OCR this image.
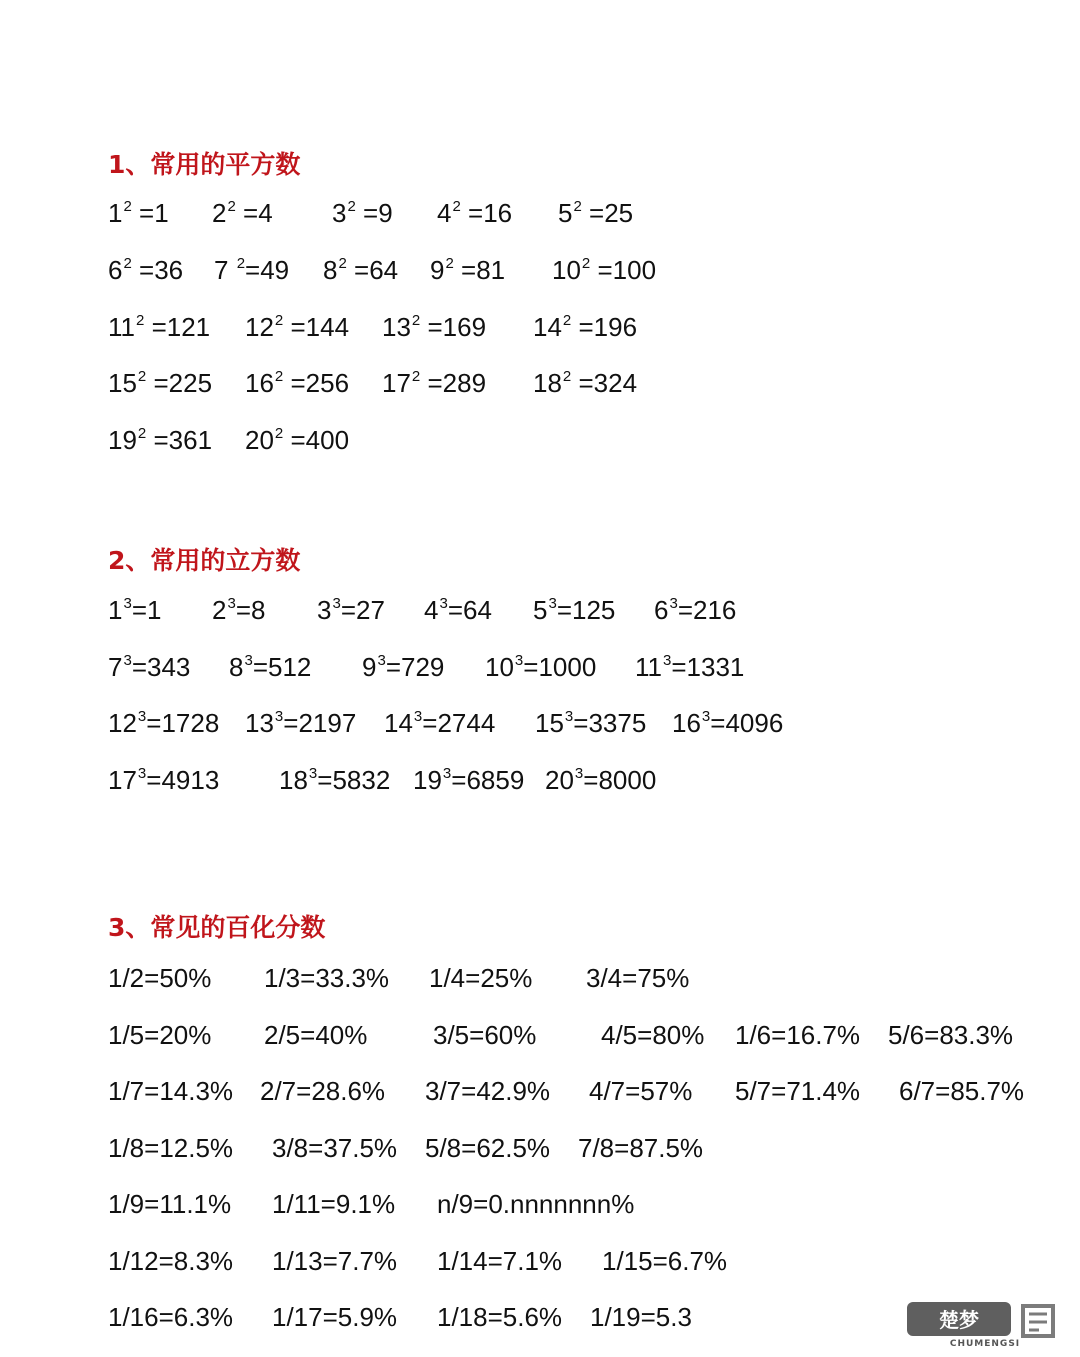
1、常用的平方数
$1^2 =1$ $2^2 =4$ $3^2 =9$ $4^2 =16$ $5^2 =25$
$6^2 =36$ 7 $^2$=49 $8^2 =64$ $9^2 =81$ $10^2 =100$
$11^2 =121$ $12^2 =144$ $13^2 =169$ $14^2 =196$
$15^2 =225$ $16^2 =256$ $17^2 =289$ $18^2 =324$
$19^2 =361$ $20^2 =400$
2、常用的立方数
$1^3=1$ $2^3=8$ $3^3=27$ $4^3=64$ $5^3=125$ $6^3=216$
$7^3=343$ $8^3=512$ $9^3=729$ $10^3=1000$ $11^3=1331$
$12^3=1728$ $13^3=2197$ $14^3=2744$ $15^3=3375$ $16^3=4096$
$17^3=4913$ $18^3=5832$ $19^3=6859$ $20^3=8000$
3、常见的百化分数
1/2=50% 1/3=33.3% 1/4=25% 3/4=75%
1/5=20% 2/5=40%	3/5=60% 4/5=80% 1/6=16.7% 5/6=83.3%
1/7=14.3% 2/7=28.6% 3/7=42.9% 4/7=57% 5/7=71.4% 6/7=85.7%
1/8=12.5% 3/8=37.5% 5/8=62.5% 7/8=87.5%
1/9=11.1% 1/11=9.1% n/9=0.nnnnnnn%
1/12=8.3% 1/13=7.7% 1/14=7.1% 1/15=6.7%
1/16=6.3% 1/17=5.9% 1/18=5.6% 1/19=5.3	楚梦
CHUMENGSI
